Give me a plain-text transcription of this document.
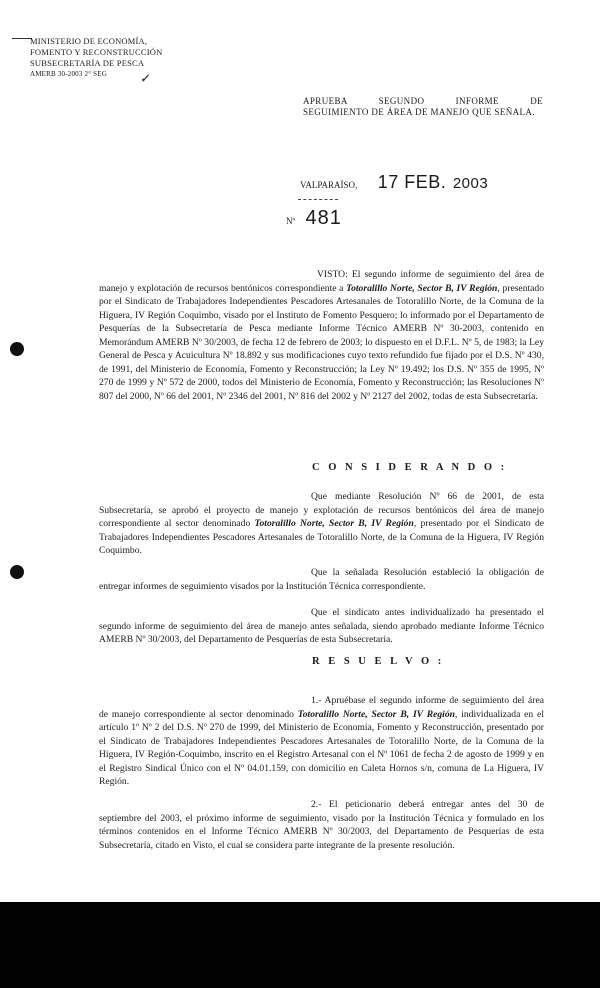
MINISTERIO DE ECONOMÍA,
FOMENTO Y RECONSTRUCCIÓN
SUBSECRETARÍA DE PESCA
AMERB 30-2003 2° SEG	✓
APRUEBA SEGUNDO INFORME DE
SEGUIMIENTO DE ÁREA DE MANEJO QUE SEÑALA.
VALPARAÍSO, 17 FEB. 2003
Nº 481
VISTO: El segundo informe de seguimiento del área de manejo y explotación de recursos bentónicos correspondiente a Totoralillo Norte, Sector B, IV Región, presentado por el Sindicato de Trabajadores Independientes Pescadores Artesanales de Totoralillo Norte, de la Comuna de la Higuera, IV Región Coquimbo, visado por el Instituto de Fomento Pesquero; lo informado por el Departamento de Pesquerías de la Subsecretaría de Pesca mediante Informe Técnico AMERB Nº 30-2003, contenido en Memorándum AMERB Nº 30/2003, de fecha 12 de febrero de 2003; lo dispuesto en el D.F.L. Nº 5, de 1983; la Ley General de Pesca y Acuicultura Nº 18.892 y sus modificaciones cuyo texto refundido fue fijado por el D.S. Nº 430, de 1991, del Ministerio de Economía, Fomento y Reconstrucción; la Ley Nº 19.492; los D.S. Nº 355 de 1995, Nº 270 de 1999 y Nº 572 de 2000, todos del Ministerio de Economía, Fomento y Reconstrucción; las Resoluciones Nº 807 del 2000, Nº 66 del 2001, Nº 2346 del 2001, Nº 816 del 2002 y Nº 2127 del 2002, todas de esta Subsecretaría.
C O N S I D E R A N D O :
Que mediante Resolución Nº 66 de 2001, de esta Subsecretaría, se aprobó el proyecto de manejo y explotación de recursos bentónicos del área de manejo correspondiente al sector denominado Totoralillo Norte, Sector B, IV Región, presentado por el Sindicato de Trabajadores Independientes Pescadores Artesanales de Totoralillo Norte, de la Comuna de la Higuera, IV Región Coquimbo.
Que la señalada Resolución estableció la obligación de entregar informes de seguimiento visados por la Institución Técnica correspondiente.
Que el sindicato antes individualizado ha presentado el segundo informe de seguimiento del área de manejo antes señalada, siendo aprobado mediante Informe Técnico AMERB Nº 30/2003, del Departamento de Pesquerías de esta Subsecretaría.
R E S U E L V O :
1.- Apruébase el segundo informe de seguimiento del área de manejo correspondiente al sector denominado Totoralillo Norte, Sector B, IV Región, individualizada en el artículo 1º Nº 2 del D.S. Nº 270 de 1999, del Ministerio de Economía, Fomento y Reconstrucción, presentado por el Sindicato de Trabajadores Independientes Pescadores Artesanales de Totoralillo Norte, de la Comuna de la Higuera, IV Región-Coquimbo, inscrito en el Registro Artesanal con el Nº 1061 de fecha 2 de agosto de 1999 y en el Registro Sindical Único con el Nº 04.01.159, con domicilio en Caleta Hornos s/n, comuna de La Higuera, IV Región.
2.- El peticionario deberá entregar antes del 30 de septiembre del 2003, el próximo informe de seguimiento, visado por la Institución Técnica y formulado en los términos contenidos en el Informe Técnico AMERB Nº 30/2003, del Departamento de Pesquerías de esta Subsecretaría, citado en Visto, el cual se considera parte integrante de la presente resolución.
